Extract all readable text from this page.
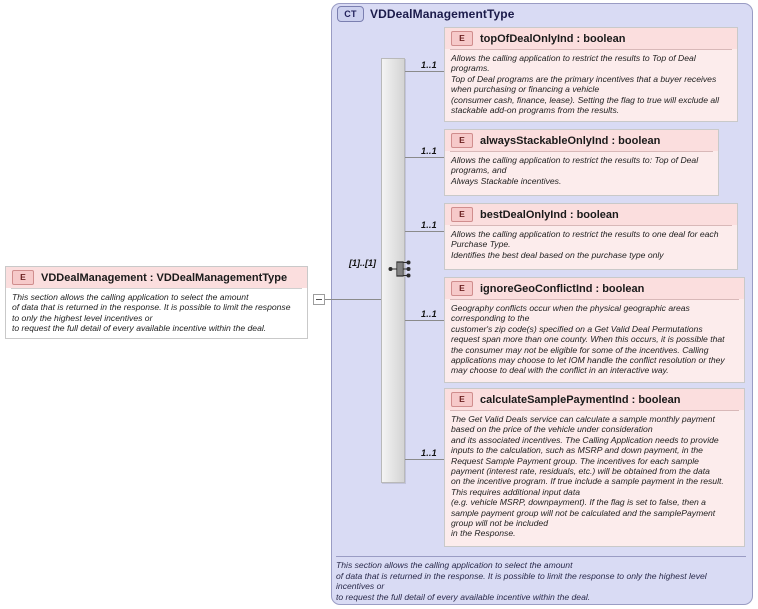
CT	VDDealManagementType
E	VDDealManagement : VDDealManagementType
This section allows the calling application to select the amount
of data that is returned in the response. It is possible to limit the response
to only the highest level incentives or
to request the full detail of every available incentive within the deal.
[1]..[1]
E	topOfDealOnlyInd : boolean
Allows the calling application to restrict the results to Top of Deal
programs.
Top of Deal programs are the primary incentives that a buyer receives
when purchasing or financing a vehicle
(consumer cash, finance, lease). Setting the flag to true will exclude all
stackable add-on programs from the results.
1..1
E	alwaysStackableOnlyInd : boolean
Allows the calling application to restrict the results to: Top of Deal
programs, and
Always Stackable incentives.
1..1
E	bestDealOnlyInd : boolean
Allows the calling application to restrict the results to one deal for each
Purchase Type.
Identifies the best deal based on the purchase type only
1..1
E	ignoreGeoConflictInd : boolean
Geography conflicts occur when the physical geographic areas
corresponding to the
customer's zip code(s) specified on a Get Valid Deal Permutations
request span more than one county. When this occurs, it is possible that
the consumer may not be eligible for some of the incentives. Calling
applications may choose to let IOM handle the conflict resolution or they
may choose to deal with the conflict in an interactive way.
1..1
E	calculateSamplePaymentInd : boolean
The Get Valid Deals service can calculate a sample monthly payment
based on the price of the vehicle under consideration
and its associated incentives. The Calling Application needs to provide
inputs to the calculation, such as MSRP and down payment, in the
Request Sample Payment group. The incentives for each sample
payment (interest rate, residuals, etc.) will be obtained from the data
on the incentive program. If true include a sample payment in the result.
This requires additional input data
(e.g. vehicle MSRP, downpayment). If the flag is set to false, then a
sample payment group will not be calculated and the samplePayment
group will not be included
in the Response.
1..1
This section allows the calling application to select the amount
of data that is returned in the response. It is possible to limit the response to only the highest level
incentives or
to request the full detail of every available incentive within the deal.
